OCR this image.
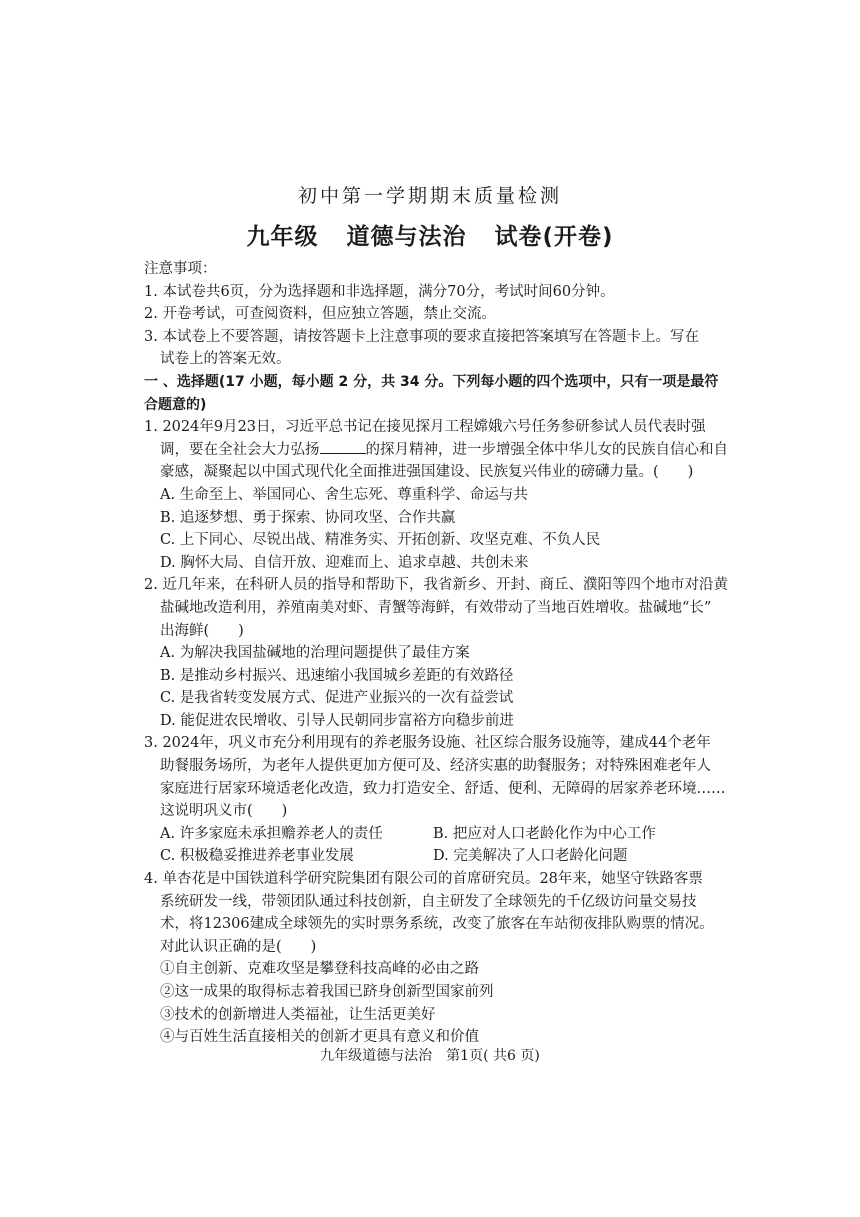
初中第一学期期末质量检测
九年级 道德与法治 试卷(开卷)
注意事项：
1. 本试卷共6页，分为选择题和非选择题，满分70分，考试时间60分钟。
2. 开卷考试，可查阅资料，但应独立答题，禁止交流。
3. 本试卷上不要答题，请按答题卡上注意事项的要求直接把答案填写在答题卡上。写在
试卷上的答案无效。
一 、选择题(17 小题，每小题 2 分，共 34 分。下列每小题的四个选项中，只有一项是最符
合题意的)
1. 2024年9月23日，习近平总书记在接见探月工程嫦娥六号任务参研参试人员代表时强
调，要在全社会大力弘扬	的探月精神，进一步增强全体中华儿女的民族自信心和自
豪感，凝聚起以中国式现代化全面推进强国建设、民族复兴伟业的磅礴力量。(　　)
A. 生命至上、举国同心、舍生忘死、尊重科学、命运与共
B. 追逐梦想、勇于探索、协同攻坚、合作共赢
C. 上下同心、尽锐出战、精准务实、开拓创新、攻坚克难、不负人民
D. 胸怀大局、自信开放、迎难而上、追求卓越、共创未来
2. 近几年来，在科研人员的指导和帮助下，我省新乡、开封、商丘、濮阳等四个地市对沿黄
盐碱地改造利用，养殖南美对虾、青蟹等海鲜，有效带动了当地百姓增收。盐碱地“长”
出海鲜(　　)
A. 为解决我国盐碱地的治理问题提供了最佳方案
B. 是推动乡村振兴、迅速缩小我国城乡差距的有效路径
C. 是我省转变发展方式、促进产业振兴的一次有益尝试
D. 能促进农民增收、引导人民朝同步富裕方向稳步前进
3. 2024年，巩义市充分利用现有的养老服务设施、社区综合服务设施等，建成44个老年
助餐服务场所，为老年人提供更加方便可及、经济实惠的助餐服务；对特殊困难老年人
家庭进行居家环境适老化改造，致力打造安全、舒适、便利、无障碍的居家养老环境……
这说明巩义市(　　)
A. 许多家庭未承担赡养老人的责任	B. 把应对人口老龄化作为中心工作
C. 积极稳妥推进养老事业发展	D. 完美解决了人口老龄化问题
4. 单杏花是中国铁道科学研究院集团有限公司的首席研究员。28年来，她坚守铁路客票
系统研发一线，带领团队通过科技创新，自主研发了全球领先的千亿级访问量交易技
术，将12306建成全球领先的实时票务系统，改变了旅客在车站彻夜排队购票的情况。
对此认识正确的是(　　)
①自主创新、克难攻坚是攀登科技高峰的必由之路
②这一成果的取得标志着我国已跻身创新型国家前列
③技术的创新增进人类福祉，让生活更美好
④与百姓生活直接相关的创新才更具有意义和价值
九年级道德与法治　第1页( 共6 页)
